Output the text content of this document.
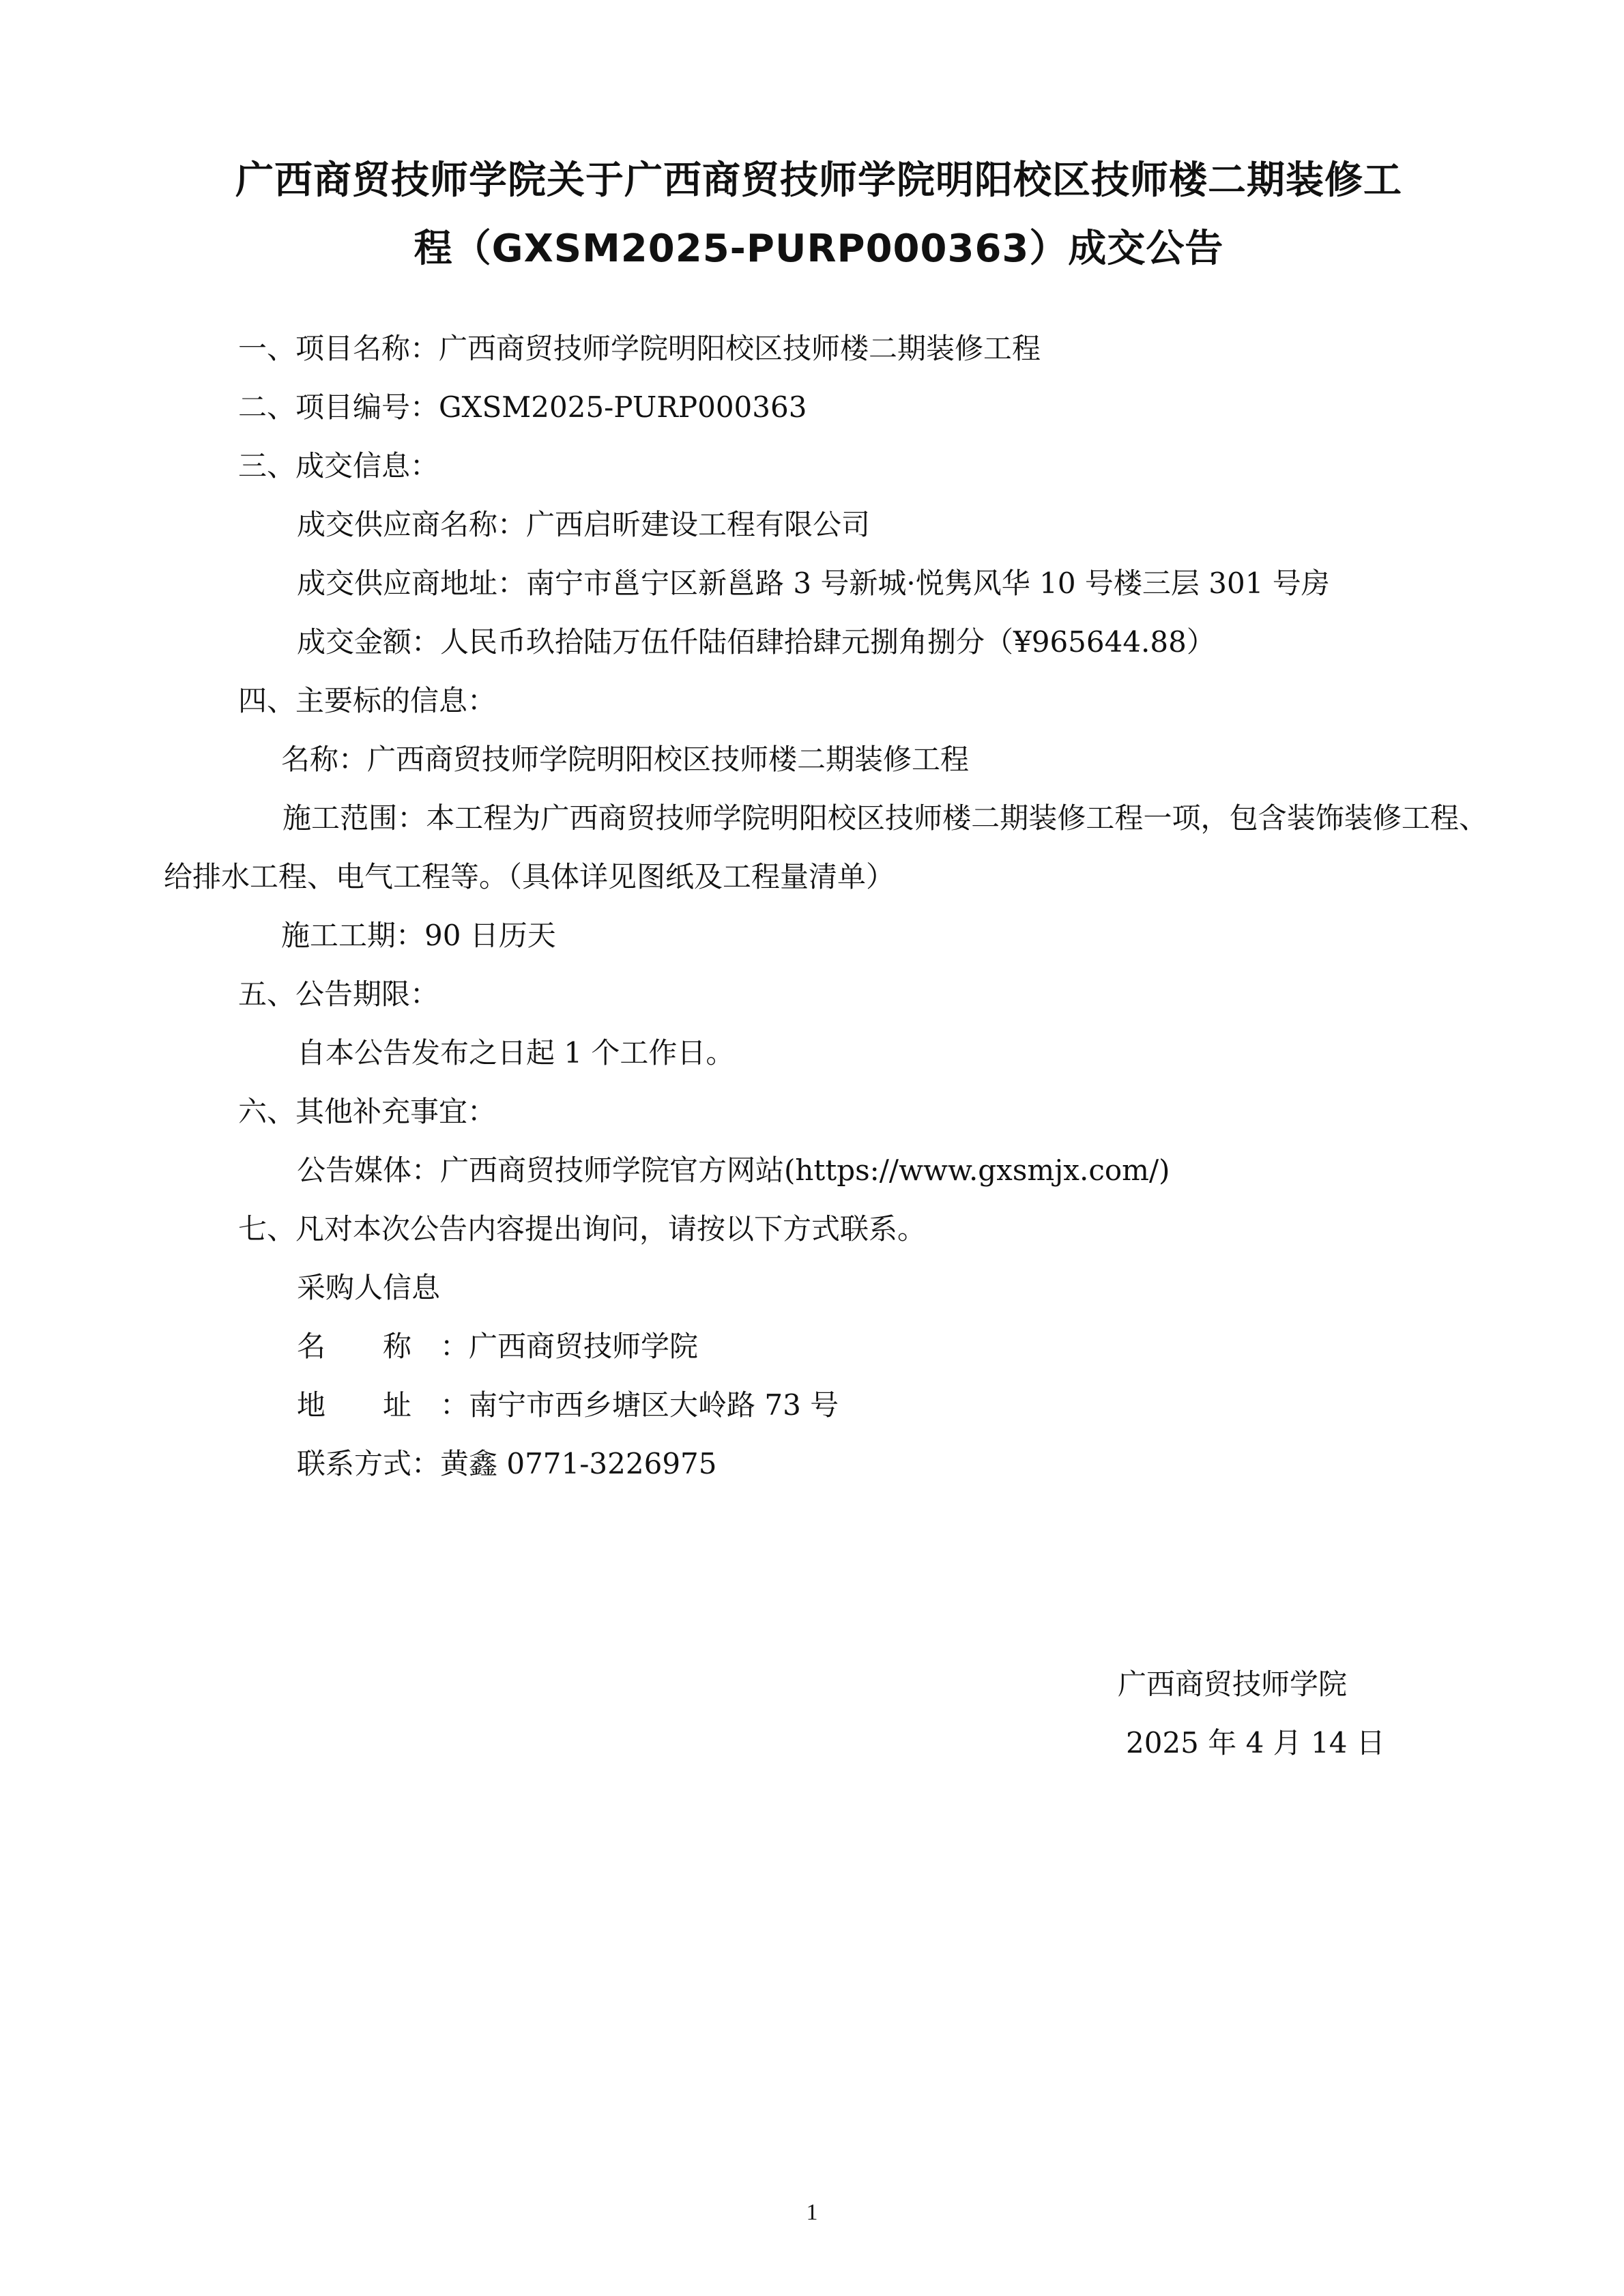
广西商贸技师学院关于广西商贸技师学院明阳校区技师楼二期装修工
程（GXSM2025-PURP000363）成交公告
一、项目名称：广西商贸技师学院明阳校区技师楼二期装修工程
二、项目编号：GXSM2025-PURP000363
三、成交信息：
成交供应商名称：广西启昕建设工程有限公司
成交供应商地址：南宁市邕宁区新邕路 3 号新城·悦隽风华 10 号楼三层 301 号房
成交金额：人民币玖拾陆万伍仟陆佰肆拾肆元捌角捌分（¥965644.88）
四、主要标的信息：
名称：广西商贸技师学院明阳校区技师楼二期装修工程
施工范围：本工程为广西商贸技师学院明阳校区技师楼二期装修工程一项，包含装饰装修工程、给排水工程、电气工程等。（具体详见图纸及工程量清单）
施工工期：90 日历天
五、公告期限：
自本公告发布之日起 1 个工作日。
六、其他补充事宜：
公告媒体：广西商贸技师学院官方网站(https://www.gxsmjx.com/)
七、凡对本次公告内容提出询问，请按以下方式联系。
采购人信息
名　　称 ：广西商贸技师学院
地　　址 ：南宁市西乡塘区大岭路 73 号
联系方式：黄鑫 0771-3226975
广西商贸技师学院
2025 年 4 月 14 日
1
